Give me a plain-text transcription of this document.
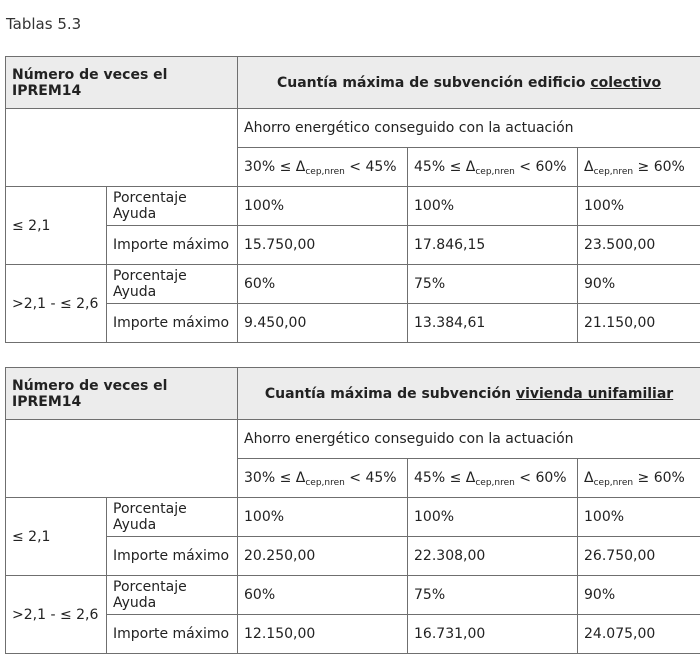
Tablas 5.3
Número de veces el IPREM14		Cuantía máxima de subvención edificio colectivo		
		Ahorro energético conseguido con la actuación		
		$30\% \le \Delta_{cep,nren} < 45\%$	$45\% \le \Delta_{cep,nren} < 60\%$	$\Delta_{cep,nren} \ge 60\%$
≤ 2,1	Porcentaje Ayuda	100%	100%	100%
	Importe máximo	15.750,00	17.846,15	23.500,00
>2,1 - ≤ 2,6	Porcentaje Ayuda	60%	75%	90%
	Importe máximo	9.450,00	13.384,61	21.150,00
Número de veces el IPREM14		Cuantía máxima de subvención vivienda unifamiliar		
		Ahorro energético conseguido con la actuación		
		$30\% \le \Delta_{cep,nren} < 45\%$	$45\% \le \Delta_{cep,nren} < 60\%$	$\Delta_{cep,nren} \ge 60\%$
≤ 2,1	Porcentaje Ayuda	100%	100%	100%
	Importe máximo	20.250,00	22.308,00	26.750,00
>2,1 - ≤ 2,6	Porcentaje Ayuda	60%	75%	90%
	Importe máximo	12.150,00	16.731,00	24.075,00
